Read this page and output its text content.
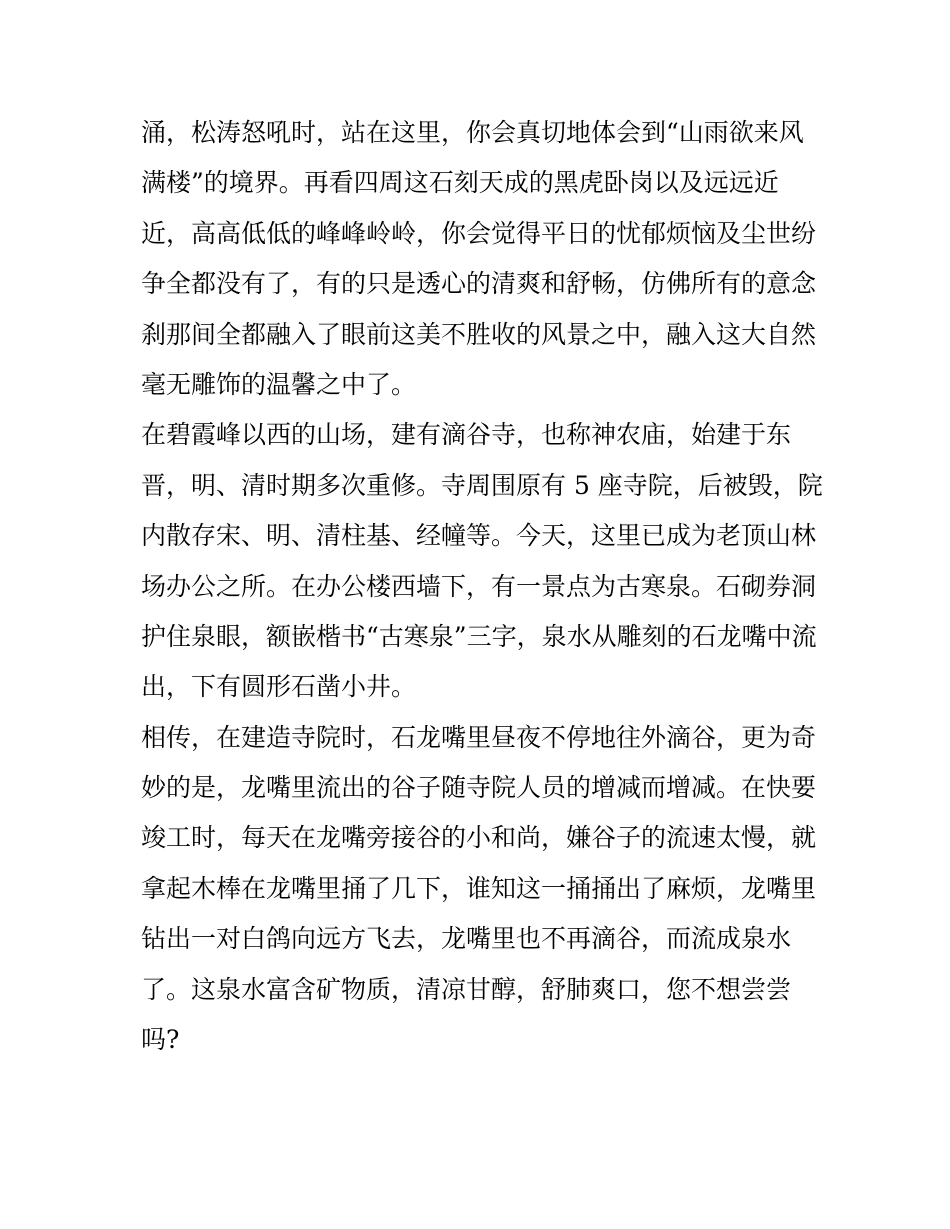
涌，松涛怒吼时，站在这里，你会真切地体会到“山雨欲来风
满楼”的境界。再看四周这石刻天成的黑虎卧岗以及远远近
近，高高低低的峰峰岭岭，你会觉得平日的忧郁烦恼及尘世纷
争全都没有了，有的只是透心的清爽和舒畅，仿佛所有的意念
刹那间全都融入了眼前这美不胜收的风景之中，融入这大自然
毫无雕饰的温馨之中了。
在碧霞峰以西的山场，建有滴谷寺，也称神农庙，始建于东
晋，明、清时期多次重修。寺周围原有 5 座寺院，后被毁，院
内散存宋、明、清柱基、经幢等。今天，这里已成为老顶山林
场办公之所。在办公楼西墙下，有一景点为古寒泉。石砌券洞
护住泉眼，额嵌楷书“古寒泉”三字，泉水从雕刻的石龙嘴中流
出，下有圆形石凿小井。
相传，在建造寺院时，石龙嘴里昼夜不停地往外滴谷，更为奇
妙的是，龙嘴里流出的谷子随寺院人员的增减而增减。在快要
竣工时，每天在龙嘴旁接谷的小和尚，嫌谷子的流速太慢，就
拿起木棒在龙嘴里捅了几下，谁知这一捅捅出了麻烦，龙嘴里
钻出一对白鸽向远方飞去，龙嘴里也不再滴谷，而流成泉水
了。这泉水富含矿物质，清凉甘醇，舒肺爽口，您不想尝尝
吗?
